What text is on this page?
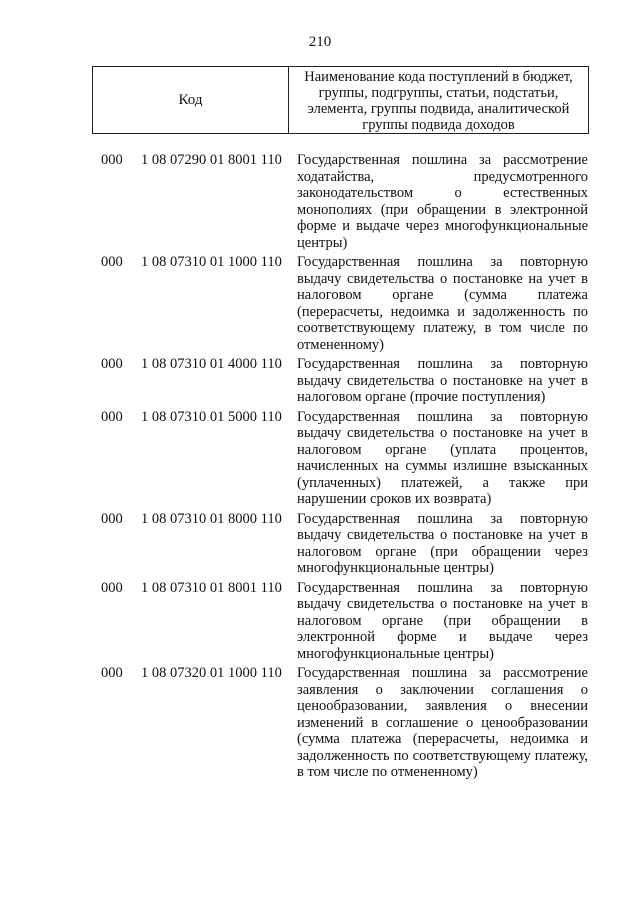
210
Код
Наименование кода поступлений в бюджет, группы, подгруппы, статьи, подстатьи, элемента, группы подвида, аналитической группы подвида доходов
000 1 08 07290 01 8001 110 Государственная пошлина за рассмотрение ходатайства, предусмотренного законодательством о естественных монополиях (при обращении в электронной форме и выдаче через многофункциональные центры)
000 1 08 07310 01 1000 110 Государственная пошлина за повторную выдачу свидетельства о постановке на учет в налоговом органе (сумма платежа (перерасчеты, недоимка и задолженность по соответствующему платежу, в том числе по отмененному)
000 1 08 07310 01 4000 110 Государственная пошлина за повторную выдачу свидетельства о постановке на учет в налоговом органе (прочие поступления)
000 1 08 07310 01 5000 110 Государственная пошлина за повторную выдачу свидетельства о постановке на учет в налоговом органе (уплата процентов, начисленных на суммы излишне взысканных (уплаченных) платежей, а также при нарушении сроков их возврата)
000 1 08 07310 01 8000 110 Государственная пошлина за повторную выдачу свидетельства о постановке на учет в налоговом органе (при обращении через многофункциональные центры)
000 1 08 07310 01 8001 110 Государственная пошлина за повторную выдачу свидетельства о постановке на учет в налоговом органе (при обращении в электронной форме и выдаче через многофункциональные центры)
000 1 08 07320 01 1000 110 Государственная пошлина за рассмотрение заявления о заключении соглашения о ценообразовании, заявления о внесении изменений в соглашение о ценообразовании (сумма платежа (перерасчеты, недоимка и задолженность по соответствующему платежу, в том числе по отмененному)
